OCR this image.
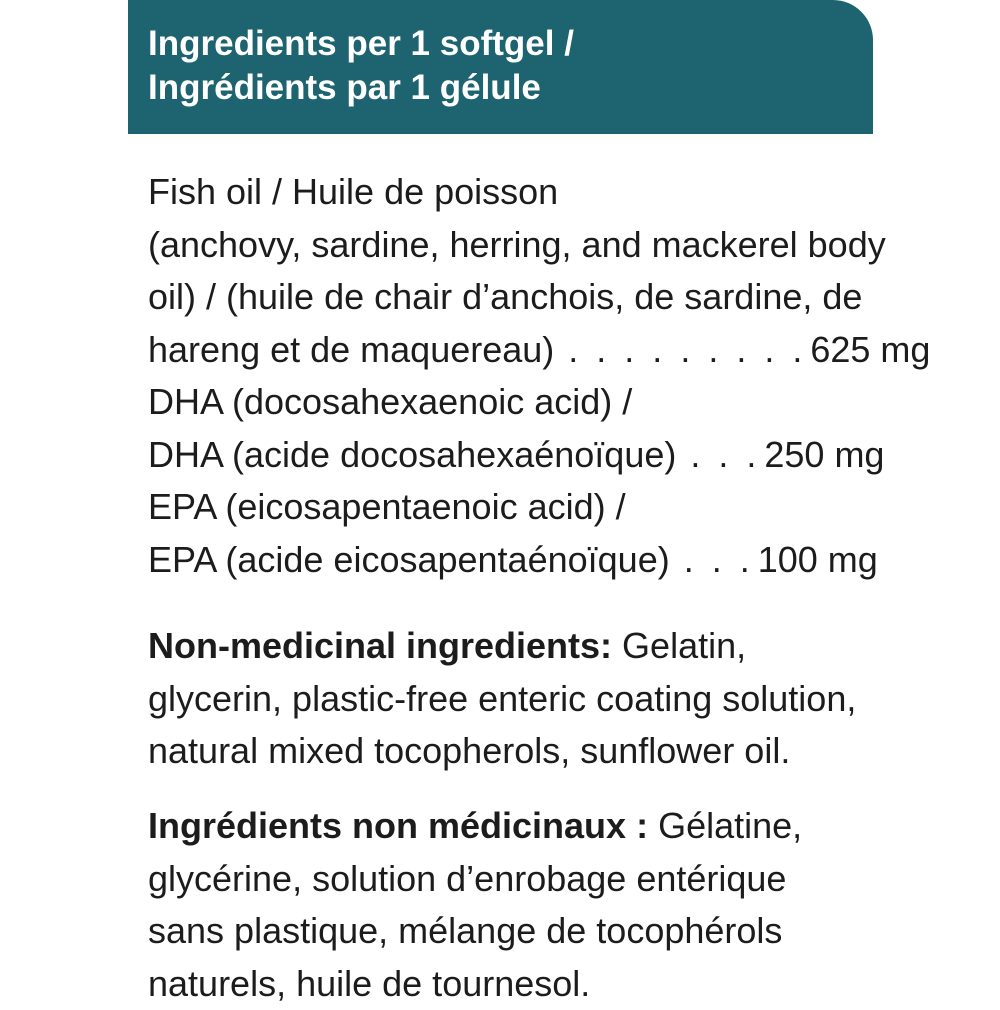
Ingredients per 1 softgel /
Ingrédients par 1 gélule
Fish oil / Huile de poisson
(anchovy, sardine, herring, and mackerel body
oil) / (huile de chair d’anchois, de sardine, de
hareng et de maquereau) . . . . . . . . . 625 mg
DHA (docosahexaenoic acid) /
DHA (acide docosahexaénoïque) . . . 250 mg
EPA (eicosapentaenoic acid) /
EPA (acide eicosapentaénoïque) . . . 100 mg
Non-medicinal ingredients: Gelatin,
glycerin, plastic-free enteric coating solution,
natural mixed tocopherols, sunflower oil.
Ingrédients non médicinaux : Gélatine,
glycérine, solution d’enrobage entérique
sans plastique, mélange de tocophérols
naturels, huile de tournesol.
